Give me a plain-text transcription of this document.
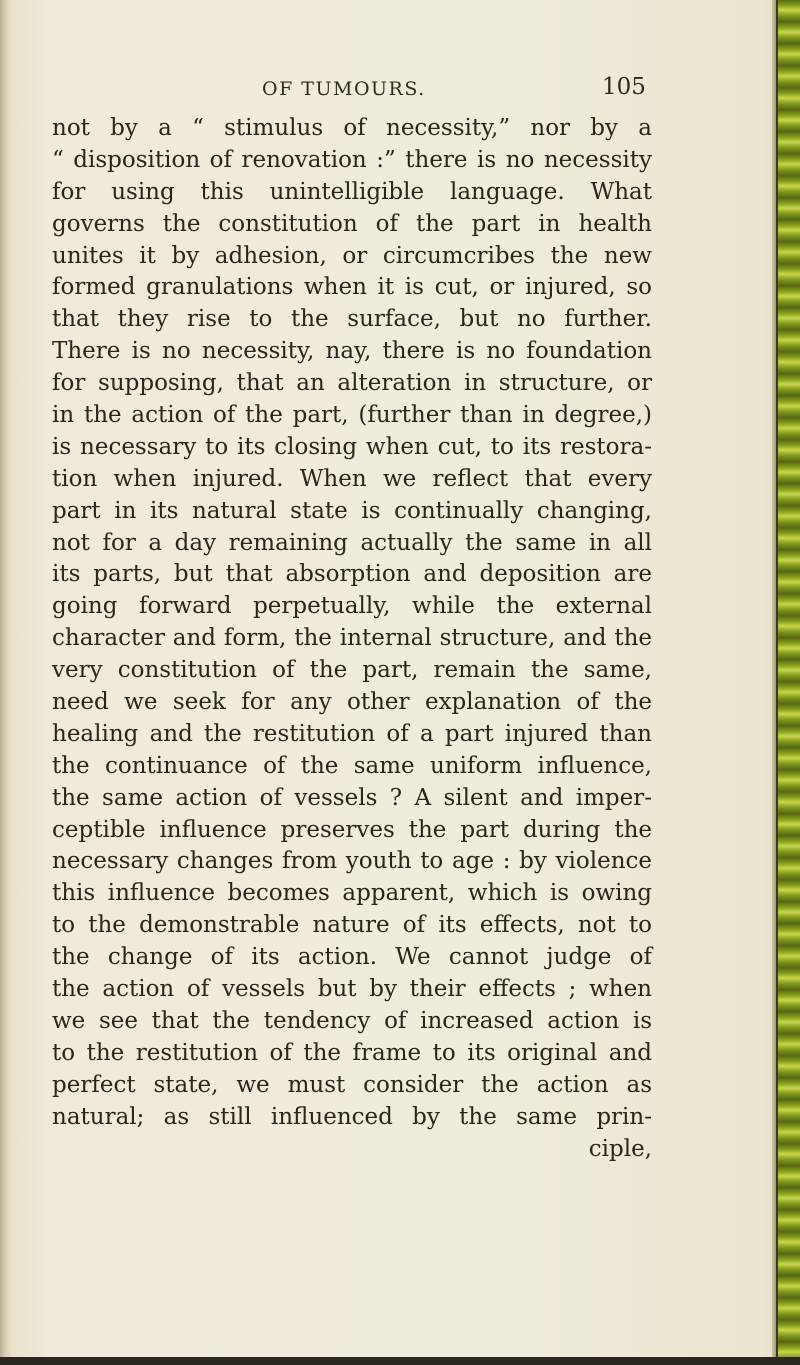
OF TUMOURS.	105
not by a “ stimulus of necessity,” nor by a
“ disposition of renovation :” there is no necessity
for using this unintelligible language. What
governs the constitution of the part in health
unites it by adhesion, or circumcribes the new
formed granulations when it is cut, or injured, so
that they rise to the surface, but no further.
There is no necessity, nay, there is no foundation
for supposing, that an alteration in structure, or
in the action of the part, (further than in degree,)
is necessary to its closing when cut, to its restora-
tion when injured. When we reflect that every
part in its natural state is continually changing,
not for a day remaining actually the same in all
its parts, but that absorption and deposition are
going forward perpetually, while the external
character and form, the internal structure, and the
very constitution of the part, remain the same,
need we seek for any other explanation of the
healing and the restitution of a part injured than
the continuance of the same uniform influence,
the same action of vessels ? A silent and imper-
ceptible influence preserves the part during the
necessary changes from youth to age : by violence
this influence becomes apparent, which is owing
to the demonstrable nature of its effects, not to
the change of its action. We cannot judge of
the action of vessels but by their effects ; when
we see that the tendency of increased action is
to the restitution of the frame to its original and
perfect state, we must consider the action as
natural; as still influenced by the same prin-
ciple,
